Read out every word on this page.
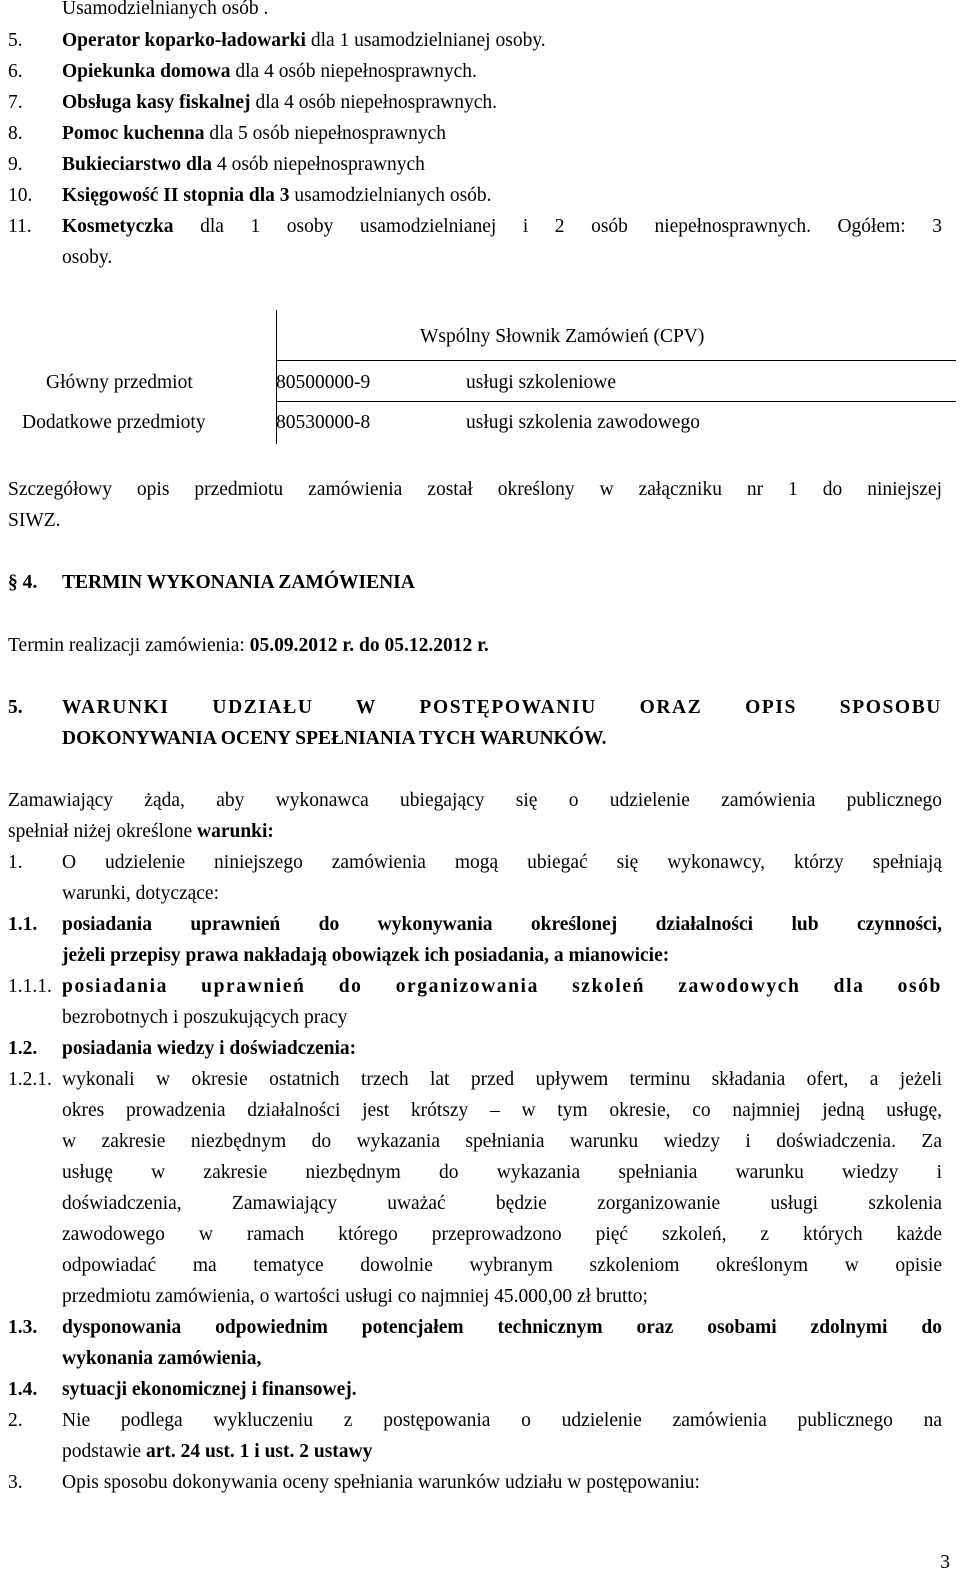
Usamodzielnianych osób .
5. Operator koparko-ładowarki dla 1 usamodzielnianej osoby.
6. Opiekunka domowa dla 4 osób niepełnosprawnych.
7. Obsługa kasy fiskalnej dla 4 osób niepełnosprawnych.
8. Pomoc kuchenna dla 5 osób niepełnosprawnych
9. Bukieciarstwo dla 4 osób niepełnosprawnych
10. Księgowość II stopnia dla 3 usamodzielnianych osób.
11. Kosmetyczka dla 1 osoby usamodzielnianej i 2 osób niepełnosprawnych. Ogółem: 3
osoby.
Wspólny Słownik Zamówień (CPV)
Główny przedmiot	80500000-9	usługi szkoleniowe
Dodatkowe przedmioty	80530000-8	usługi szkolenia zawodowego
Szczegółowy opis przedmiotu zamówienia został określony w załączniku nr 1 do niniejszej
SIWZ.
§ 4. TERMIN WYKONANIA ZAMÓWIENIA
Termin realizacji zamówienia: 05.09.2012 r. do 05.12.2012 r.
5. WARUNKI UDZIAŁU W POSTĘPOWANIU ORAZ OPIS SPOSOBU
DOKONYWANIA OCENY SPEŁNIANIA TYCH WARUNKÓW.
Zamawiający żąda, aby wykonawca ubiegający się o udzielenie zamówienia publicznego
spełniał niżej określone warunki:
1. O udzielenie niniejszego zamówienia mogą ubiegać się wykonawcy, którzy spełniają
warunki, dotyczące:
1.1. posiadania uprawnień do wykonywania określonej działalności lub czynności,
jeżeli przepisy prawa nakładają obowiązek ich posiadania, a mianowicie:
1.1.1. posiadania uprawnień do organizowania szkoleń zawodowych dla osób
bezrobotnych i poszukujących pracy
1.2. posiadania wiedzy i doświadczenia:
1.2.1. wykonali w okresie ostatnich trzech lat przed upływem terminu składania ofert, a jeżeli
okres prowadzenia działalności jest krótszy – w tym okresie, co najmniej jedną usługę,
w zakresie niezbędnym do wykazania spełniania warunku wiedzy i doświadczenia. Za
usługę w zakresie niezbędnym do wykazania spełniania warunku wiedzy i
doświadczenia, Zamawiający uważać będzie zorganizowanie usługi szkolenia
zawodowego w ramach którego przeprowadzono pięć szkoleń, z których każde
odpowiadać ma tematyce dowolnie wybranym szkoleniom określonym w opisie
przedmiotu zamówienia, o wartości usługi co najmniej 45.000,00 zł brutto;
1.3. dysponowania odpowiednim potencjałem technicznym oraz osobami zdolnymi do
wykonania zamówienia,
1.4. sytuacji ekonomicznej i finansowej.
2. Nie podlega wykluczeniu z postępowania o udzielenie zamówienia publicznego na
podstawie art. 24 ust. 1 i ust. 2 ustawy
3. Opis sposobu dokonywania oceny spełniania warunków udziału w postępowaniu:
3
